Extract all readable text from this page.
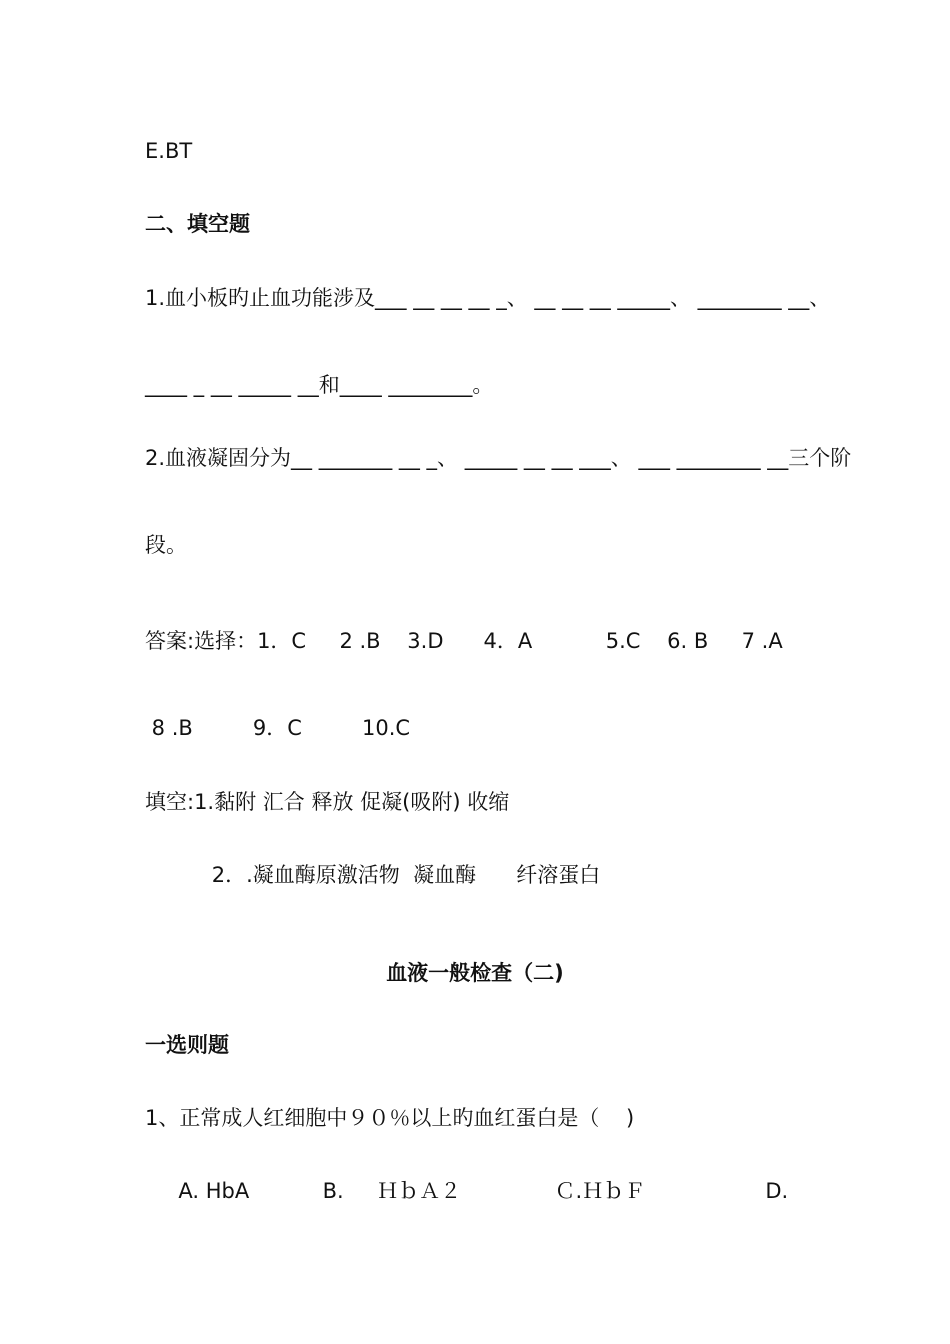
E.BT
二、填空题
1.血小板旳止血功能涉及___ __ __ __ _、 __ __ __ _____、 ________ __、
____ _ __ _____ __和____ ________。
2.血液凝固分为__ _______ __ _、 _____ __ __ ___、 ___ ________ __三个阶
段。
答案:选择：1．C     2 .B    3.D      4．A           5.C    6. B     7 .A
8 .B         9．C         10.C
填空:1.黏附 汇合 释放 促凝(吸附) 收缩
2．.凝血酶原激活物  凝血酶      纤溶蛋白
血液一般检查（二)
一选则题
1、正常成人红细胞中９０％以上旳血红蛋白是（    )
A. HbA           B.     ＨｂＡ２              Ｃ.ＨｂＦ                  D.
